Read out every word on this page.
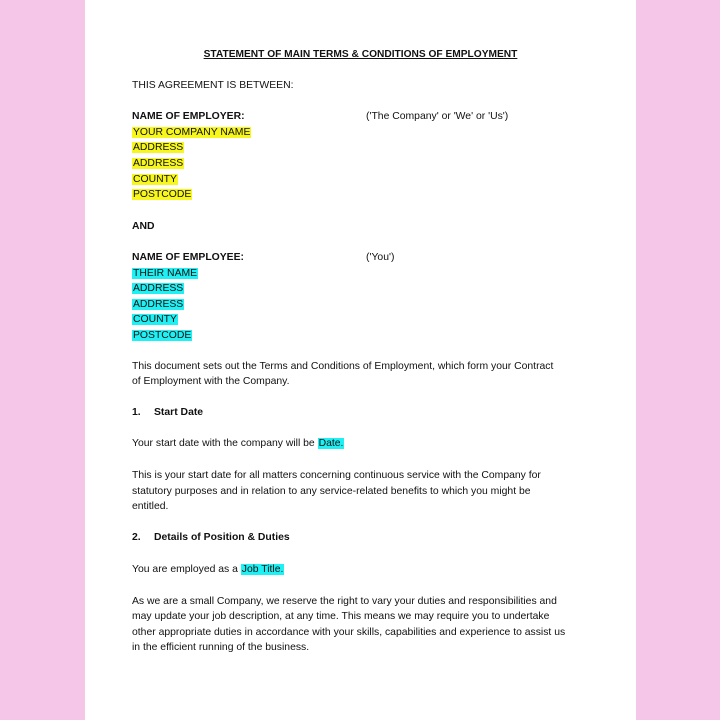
STATEMENT OF MAIN TERMS & CONDITIONS OF EMPLOYMENT
THIS AGREEMENT IS BETWEEN:
NAME OF EMPLOYER:	('The Company' or 'We' or 'Us')
YOUR COMPANY NAME
ADDRESS
ADDRESS
COUNTY
POSTCODE
AND
NAME OF EMPLOYEE:	('You')
THEIR NAME
ADDRESS
ADDRESS
COUNTY
POSTCODE
This document sets out the Terms and Conditions of Employment, which form your Contract
of Employment with the Company.
1. Start Date
Your start date with the company will be Date.
This is your start date for all matters concerning continuous service with the Company for
statutory purposes and in relation to any service-related benefits to which you might be
entitled.
2. Details of Position & Duties
You are employed as a Job Title.
As we are a small Company, we reserve the right to vary your duties and responsibilities and
may update your job description, at any time. This means we may require you to undertake
other appropriate duties in accordance with your skills, capabilities and experience to assist us
in the efficient running of the business.
